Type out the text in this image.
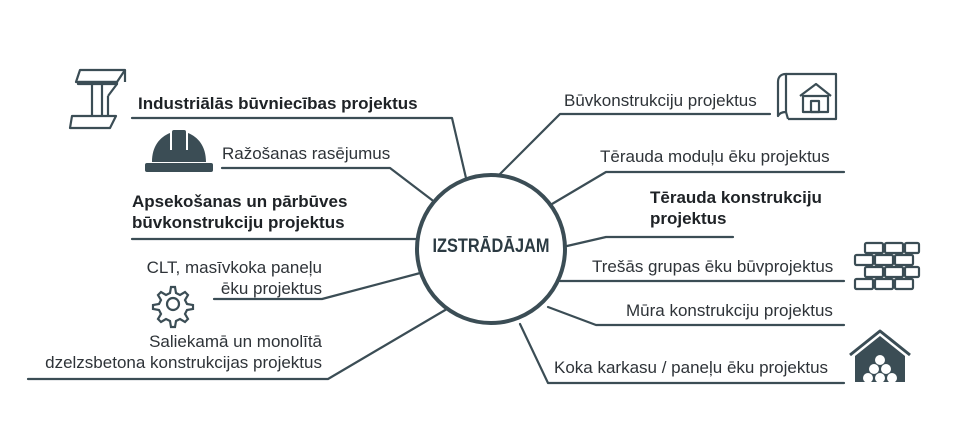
IZSTRĀDĀJAM
Industriālās būvniecības projektus
Ražošanas rasējumus
Apsekošanas un pārbūves
būvkonstrukciju projektus
CLT, masīvkoka paneļu
ēku projektus
Saliekamā un monolītā
dzelzsbetona konstrukcijas projektus
Būvkonstrukciju projektus
Tērauda moduļu ēku projektus
Tērauda konstrukciju
projektus
Trešās grupas ēku būvprojektus
Mūra konstrukciju projektus
Koka karkasu / paneļu ēku projektus
